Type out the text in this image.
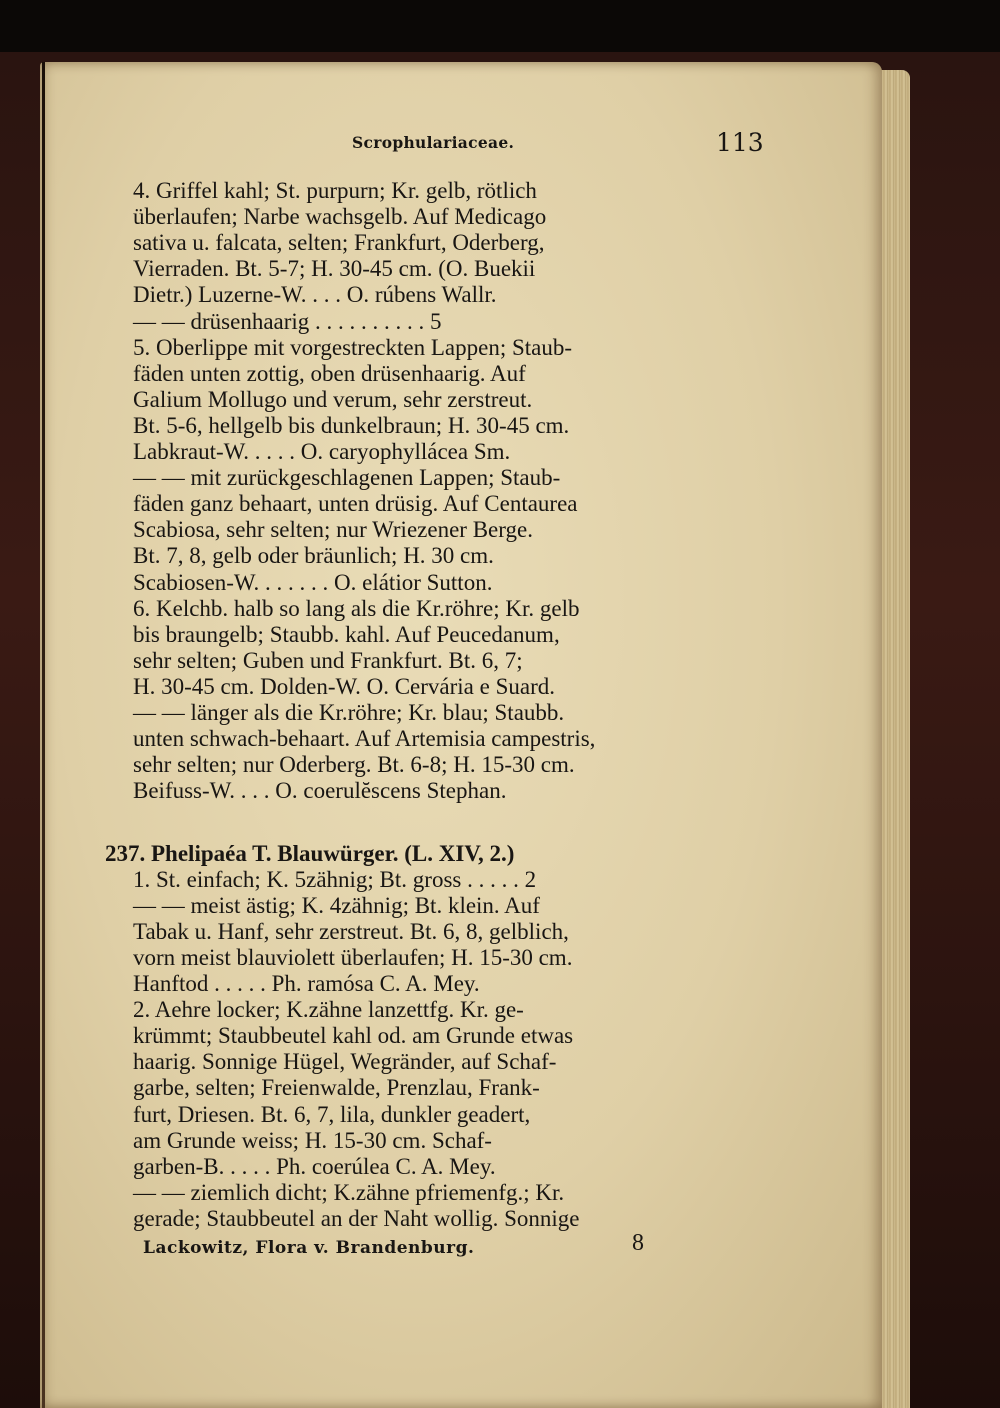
Scrophulariaceae.	113
4. Griffel kahl; St. purpurn; Kr. gelb, rötlich
überlaufen; Narbe wachsgelb. Auf Medicago
sativa u. falcata, selten; Frankfurt, Oderberg,
Vierraden. Bt. 5-7; H. 30-45 cm. (O. Buekii
Dietr.) Luzerne-W. . . . O. rúbens Wallr.
— — drüsenhaarig . . . . . . . . . . 5
5. Oberlippe mit vorgestreckten Lappen; Staub-
fäden unten zottig, oben drüsenhaarig. Auf
Galium Mollugo und verum, sehr zerstreut.
Bt. 5-6, hellgelb bis dunkelbraun; H. 30-45 cm.
Labkraut-W. . . . . O. caryophyllácea Sm.
— — mit zurückgeschlagenen Lappen; Staub-
fäden ganz behaart, unten drüsig. Auf Centaurea
Scabiosa, sehr selten; nur Wriezener Berge.
Bt. 7, 8, gelb oder bräunlich; H. 30 cm.
Scabiosen-W. . . . . . . O. elátior Sutton.
6. Kelchb. halb so lang als die Kr.röhre; Kr. gelb
bis braungelb; Staubb. kahl. Auf Peucedanum,
sehr selten; Guben und Frankfurt. Bt. 6, 7;
H. 30-45 cm. Dolden-W. O. Cervária e Suard.
— — länger als die Kr.röhre; Kr. blau; Staubb.
unten schwach-behaart. Auf Artemisia campestris,
sehr selten; nur Oderberg. Bt. 6-8; H. 15-30 cm.
Beifuss-W. . . . O. coerulĕscens Stephan.
237. Phelipaéa T. Blauwürger. (L. XIV, 2.)
1. St. einfach; K. 5zähnig; Bt. gross . . . . . 2
— — meist ästig; K. 4zähnig; Bt. klein. Auf
Tabak u. Hanf, sehr zerstreut. Bt. 6, 8, gelblich,
vorn meist blauviolett überlaufen; H. 15-30 cm.
Hanftod . . . . . Ph. ramósa C. A. Mey.
2. Aehre locker; K.zähne lanzettfg. Kr. ge-
krümmt; Staubbeutel kahl od. am Grunde etwas
haarig. Sonnige Hügel, Wegränder, auf Schaf-
garbe, selten; Freienwalde, Prenzlau, Frank-
furt, Driesen. Bt. 6, 7, lila, dunkler geadert,
am Grunde weiss; H. 15-30 cm. Schaf-
garben-B. . . . . Ph. coerúlea C. A. Mey.
— — ziemlich dicht; K.zähne pfriemenfg.; Kr.
gerade; Staubbeutel an der Naht wollig. Sonnige
Lackowitz, Flora v. Brandenburg.	8
